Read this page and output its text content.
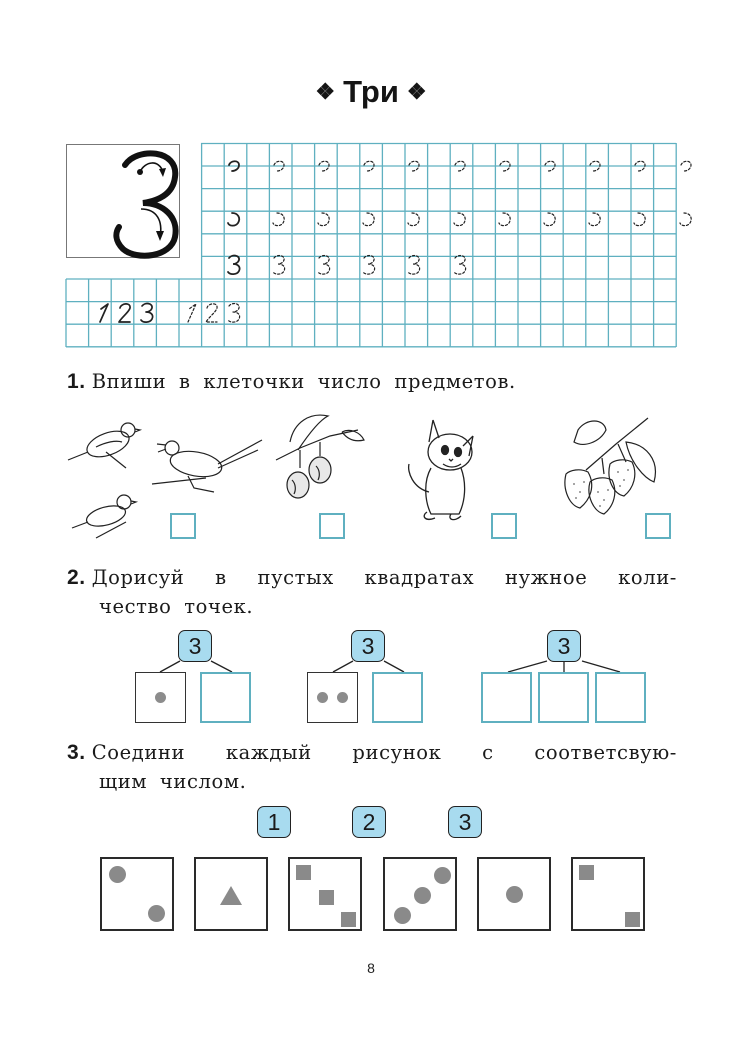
❖ Три ❖
1. Впиши в клеточки число предметов.
2. Дорисуй в пустых квадратах нужное коли-
чество точек.
3	3	3
3. Соедини каждый рисунок с соответсвую-
щим числом.
1	2	3
8
